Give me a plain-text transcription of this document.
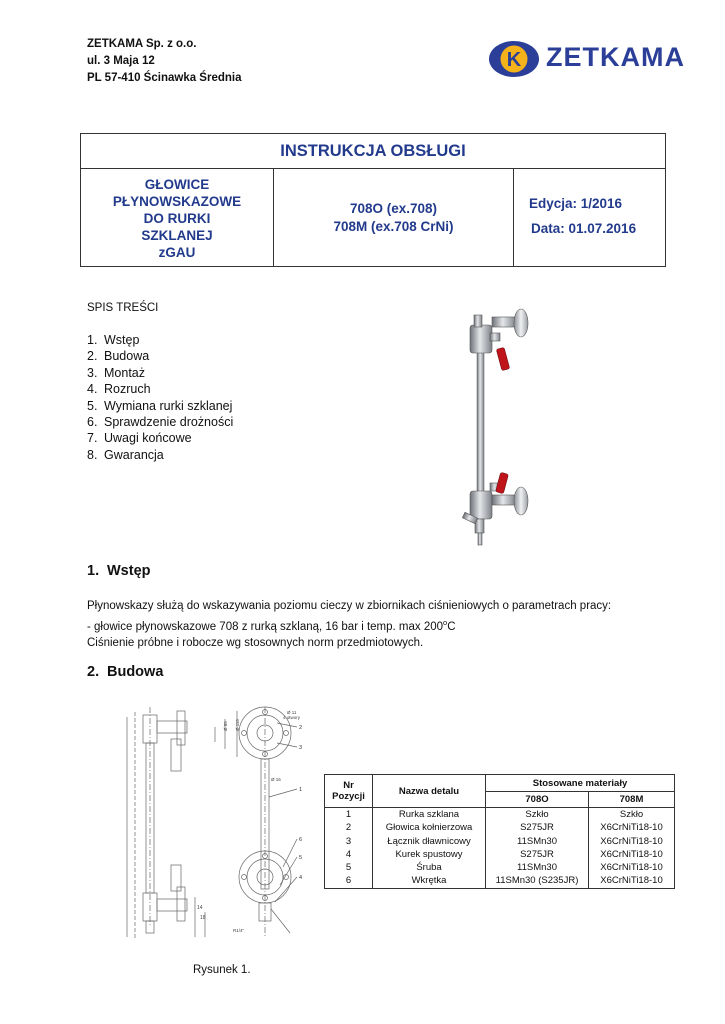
ZETKAMA Sp. z o.o.
ul. 3 Maja 12
PL 57-410 Ścinawka Średnia
K ZETKAMA
INSTRUKCJA OBSŁUGI
GŁOWICE
PŁYNOWSKAZOWE
DO RURKI
SZKLANEJ
zGAU
708O (ex.708)
708M (ex.708 CrNi)
Edycja: 1/2016
Data: 01.07.2016
SPIS TREŚCI
1. Wstęp
2. Budowa
3. Montaż
4. Rozruch
5. Wymiana rurki szklanej
6. Sprawdzenie drożności
7. Uwagi końcowe
8. Gwarancja
1. Wstęp
Płynowskazy służą do wskazywania poziomu cieczy w zbiornikach ciśnieniowych o parametrach pracy:
- głowice płynowskazowe 708 z rurką szklaną, 16 bar i temp. max 200$^o$C
Ciśnienie próbne i robocze wg stosownych norm przedmiotowych.
2. Budowa
14
18
Ø 11
4 otwory
Ø 85 Ø 115
Ø 16
R1/4"
2
3
1
6
5
4
Nr
Pozycji	Nazwa detalu	Stosowane materiały	
		708O	708M
1	Rurka szklana	Szkło	Szkło
2	Głowica kołnierzowa	S275JR	X6CrNiTi18-10
3	Łącznik dławnicowy	11SMn30	X6CrNiTi18-10
4	Kurek spustowy	S275JR	X6CrNiTi18-10
5	Śruba	11SMn30	X6CrNiTi18-10
6	Wkrętka	11SMn30 (S235JR)	X6CrNiTi18-10
Rysunek 1.
